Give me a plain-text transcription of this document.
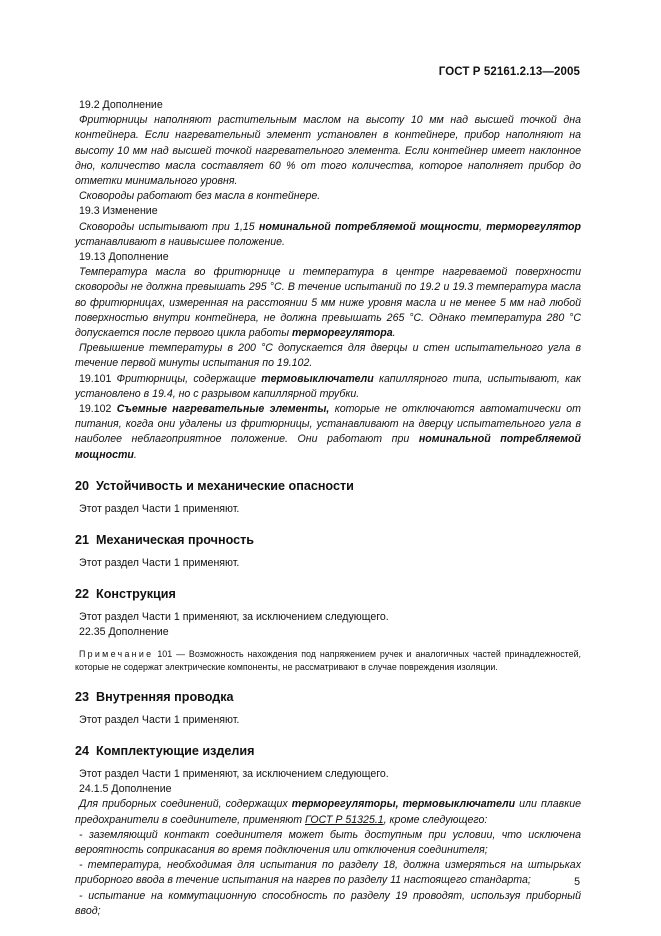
ГОСТ Р 52161.2.13—2005

19.2 Дополнение

Фритюрницы наполняют растительным маслом на высоту 10 мм над высшей точкой дна контейнера. Если нагревательный элемент установлен в контейнере, прибор наполняют на высоту 10 мм над высшей точкой нагревательного элемента. Если контейнер имеет наклонное дно, количество масла составляет 60 % от того количества, которое наполняет прибор до отметки минимального уровня.

Сковороды работают без масла в контейнере.

19.3 Изменение

Сковороды испытывают при 1,15 номинальной потребляемой мощности, терморегулятор устанавливают в наивысшее положение.

19.13 Дополнение

Температура масла во фритюрнице и температура в центре нагреваемой поверхности сковороды не должна превышать 295 °С. В течение испытаний по 19.2 и 19.3 температура масла во фритюрницах, измеренная на расстоянии 5 мм ниже уровня масла и не менее 5 мм над любой поверхностью внутри контейнера, не должна превышать 265 °С. Однако температура 280 °С допускается после первого цикла работы терморегулятора.

Превышение температуры в 200 °С допускается для дверцы и стен испытательного угла в течение первой минуты испытания по 19.102.

19.101 Фритюрницы, содержащие термовыключатели капиллярного типа, испытывают, как установлено в 19.4, но с разрывом капиллярной трубки.

19.102 Съемные нагревательные элементы, которые не отключаются автоматически от питания, когда они удалены из фритюрницы, устанавливают на дверцу испытательного угла в наиболее неблагоприятное положение. Они работают при номинальной потребляемой мощности.

20 Устойчивость и механические опасности

Этот раздел Части 1 применяют.

21 Механическая прочность

Этот раздел Части 1 применяют.

22 Конструкция

Этот раздел Части 1 применяют, за исключением следующего.

22.35 Дополнение

Примечание 101 — Возможность нахождения под напряжением ручек и аналогичных частей принадлежностей, которые не содержат электрические компоненты, не рассматривают в случае повреждения изоляции.

23 Внутренняя проводка

Этот раздел Части 1 применяют.

24 Комплектующие изделия

Этот раздел Части 1 применяют, за исключением следующего.

24.1.5 Дополнение

Для приборных соединений, содержащих терморегуляторы, термовыключатели или плавкие предохранители в соединителе, применяют ГОСТ Р 51325.1, кроме следующего:

- заземляющий контакт соединителя может быть доступным при условии, что исключена вероятность соприкасания во время подключения или отключения соединителя;

- температура, необходимая для испытания по разделу 18, должна измеряться на штырьках приборного ввода в течение испытания на нагрев по разделу 11 настоящего стандарта;

- испытание на коммутационную способность по разделу 19 проводят, используя приборный ввод;

5
